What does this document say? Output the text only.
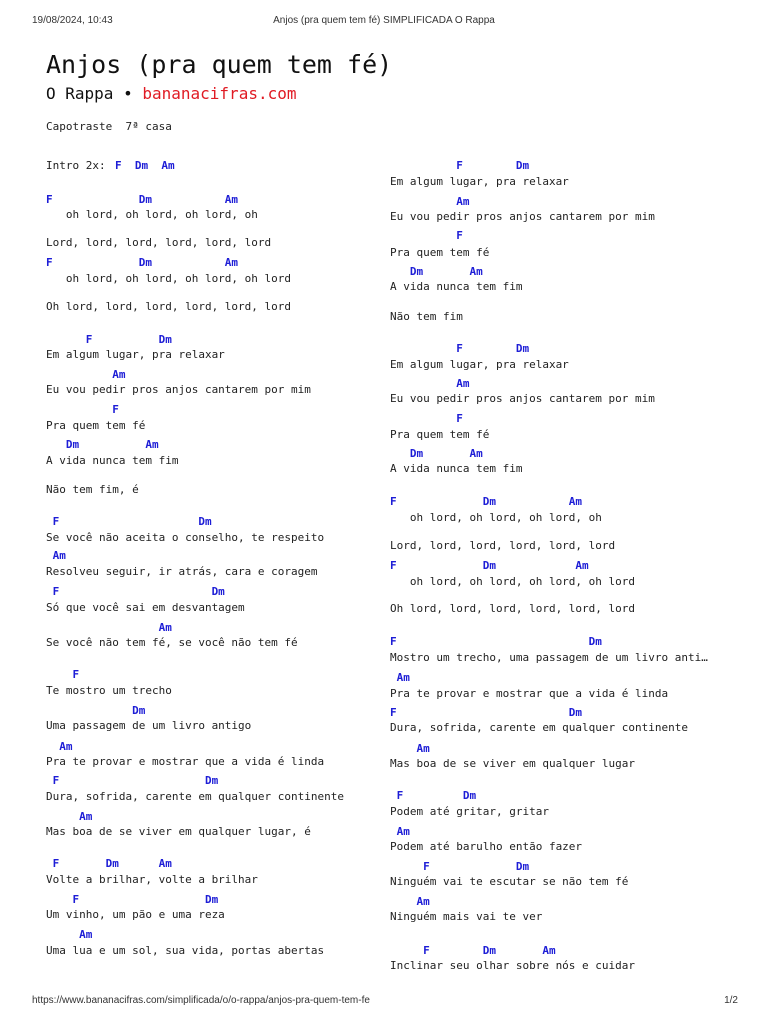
19/08/2024, 10:43	Anjos (pra quem tem fé) SIMPLIFICADA O Rappa
Anjos (pra quem tem fé)
O Rappa • bananacifras.com
Capotraste  7ª casa
Intro 2x: F  Dm  Am
F             Dm           Am
oh lord, oh lord, oh lord, oh
Lord, lord, lord, lord, lord, lord
F             Dm           Am
oh lord, oh lord, oh lord, oh lord
Oh lord, lord, lord, lord, lord, lord
F          Dm
Em algum lugar, pra relaxar
Am
Eu vou pedir pros anjos cantarem por mim
F
Pra quem tem fé
Dm          Am
A vida nunca tem fim
Não tem fim, é
F                     Dm
Se você não aceita o conselho, te respeito
Am
Resolveu seguir, ir atrás, cara e coragem
F                       Dm
Só que você sai em desvantagem
Am
Se você não tem fé, se você não tem fé
F
Te mostro um trecho
Dm
Uma passagem de um livro antigo
Am
Pra te provar e mostrar que a vida é linda
F                      Dm
Dura, sofrida, carente em qualquer continente
Am
Mas boa de se viver em qualquer lugar, é
F       Dm      Am
Volte a brilhar, volte a brilhar
F                   Dm
Um vinho, um pão e uma reza
Am
Uma lua e um sol, sua vida, portas abertas
F        Dm
Em algum lugar, pra relaxar
Am
Eu vou pedir pros anjos cantarem por mim
F
Pra quem tem fé
Dm       Am
A vida nunca tem fim
Não tem fim
F        Dm
Em algum lugar, pra relaxar
Am
Eu vou pedir pros anjos cantarem por mim
F
Pra quem tem fé
Dm       Am
A vida nunca tem fim
F             Dm           Am
oh lord, oh lord, oh lord, oh
Lord, lord, lord, lord, lord, lord
F             Dm            Am
oh lord, oh lord, oh lord, oh lord
Oh lord, lord, lord, lord, lord, lord
F                             Dm
Mostro um trecho, uma passagem de um livro anti…
Am
Pra te provar e mostrar que a vida é linda
F                          Dm
Dura, sofrida, carente em qualquer continente
Am
Mas boa de se viver em qualquer lugar
F         Dm
Podem até gritar, gritar
Am
Podem até barulho então fazer
F             Dm
Ninguém vai te escutar se não tem fé
Am
Ninguém mais vai te ver
F        Dm       Am
Inclinar seu olhar sobre nós e cuidar
https://www.bananacifras.com/simplificada/o/o-rappa/anjos-pra-quem-tem-fe	1/2
